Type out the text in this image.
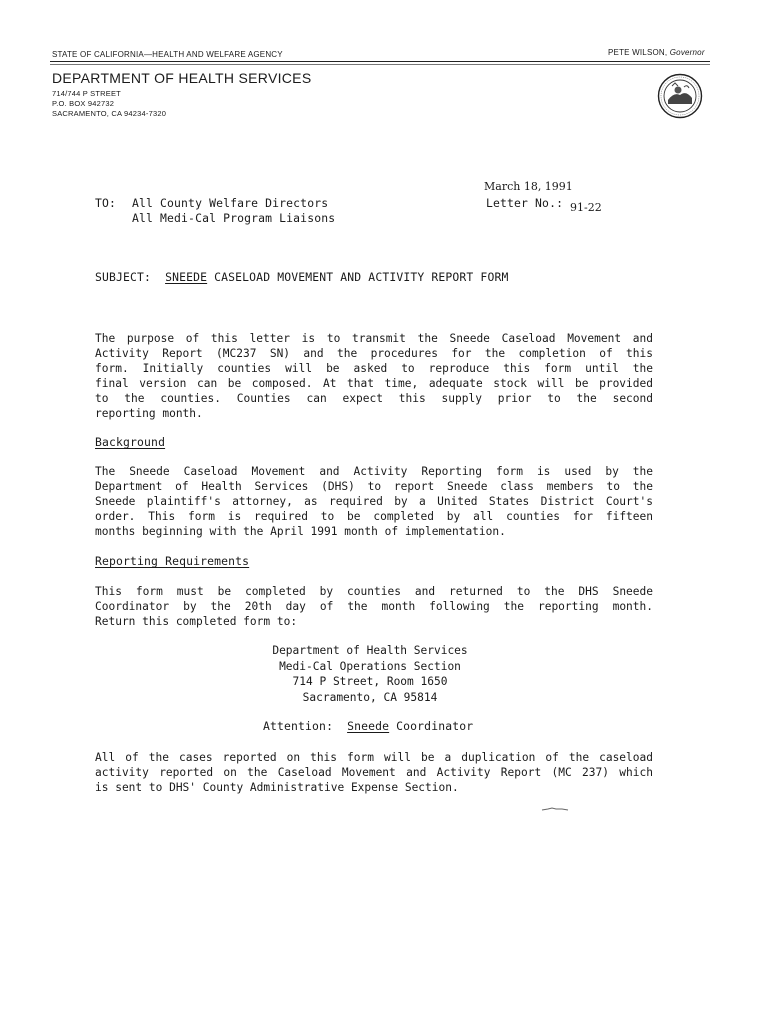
STATE OF CALIFORNIA—HEALTH AND WELFARE AGENCY	PETE WILSON, Governor
DEPARTMENT OF HEALTH SERVICES
714/744 P STREET
P.O. BOX 942732
SACRAMENTO, CA 94234-7320
March 18, 1991
Letter No.: 91-22
TO: All County Welfare Directors
All Medi-Cal Program Liaisons
SUBJECT: SNEEDE CASELOAD MOVEMENT AND ACTIVITY REPORT FORM
The purpose of this letter is to transmit the Sneede Caseload Movement and
Activity Report (MC237 SN) and the procedures for the completion of this
form. Initially counties will be asked to reproduce this form until the
final version can be composed. At that time, adequate stock will be provided
to the counties. Counties can expect this supply prior to the second
reporting month.
Background
The Sneede Caseload Movement and Activity Reporting form is used by the
Department of Health Services (DHS) to report Sneede class members to the
Sneede plaintiff's attorney, as required by a United States District Court's
order. This form is required to be completed by all counties for fifteen
months beginning with the April 1991 month of implementation.
Reporting Requirements
This form must be completed by counties and returned to the DHS Sneede
Coordinator by the 20th day of the month following the reporting month.
Return this completed form to:
Department of Health Services
Medi-Cal Operations Section
714 P Street, Room 1650
Sacramento, CA 95814
Attention: Sneede Coordinator
All of the cases reported on this form will be a duplication of the caseload
activity reported on the Caseload Movement and Activity Report (MC 237) which
is sent to DHS' County Administrative Expense Section.
